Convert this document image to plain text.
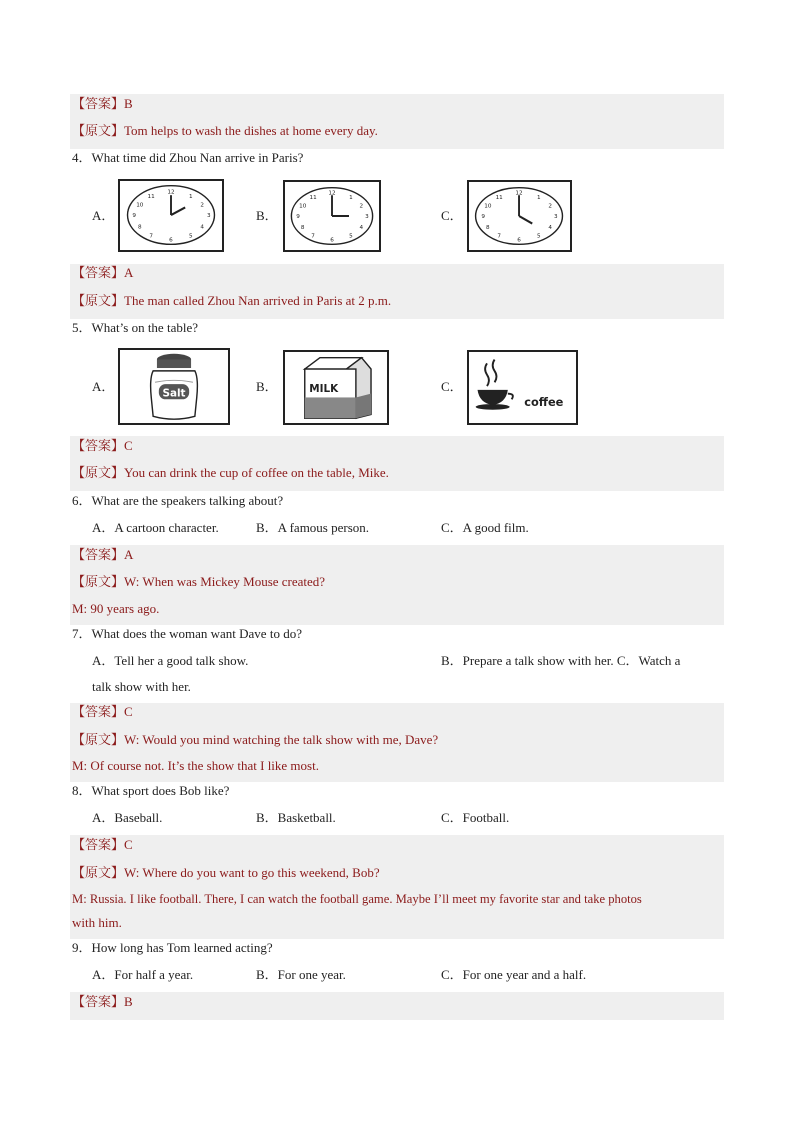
【答案】B
【原文】Tom helps to wash the dishes at home every day.
4．What time did Zhou Nan arrive in Paris?
A．
12
6
9	3
1
2
4
5
7
8
10
11
B．
12
6
9	3
1
2
4
5
7
8
10
11
C．
12
6
9	3
1
2
4
5
7
8
10
11
【答案】A
【原文】The man called Zhou Nan arrived in Paris at 2 p.m.
5．What’s on the table?
A．	Salt	B．	MILK	C．
coffee
【答案】C
【原文】You can drink the cup of coffee on the table, Mike.
6．What are the speakers talking about?
A．A cartoon character.	B．A famous person.	C．A good film.
【答案】A
【原文】W: When was Mickey Mouse created?
M: 90 years ago.
7．What does the woman want Dave to do?
A．Tell her a good talk show.	B．Prepare a talk show with her. C．Watch a
talk show with her.
【答案】C
【原文】W: Would you mind watching the talk show with me, Dave?
M: Of course not. It’s the show that I like most.
8．What sport does Bob like?
A．Baseball.	B．Basketball.	C．Football.
【答案】C
【原文】W: Where do you want to go this weekend, Bob?
M: Russia. I like football. There, I can watch the football game. Maybe I’ll meet my favorite star and take photos
with him.
9．How long has Tom learned acting?
A．For half a year.	B．For one year.	C．For one year and a half.
【答案】B
